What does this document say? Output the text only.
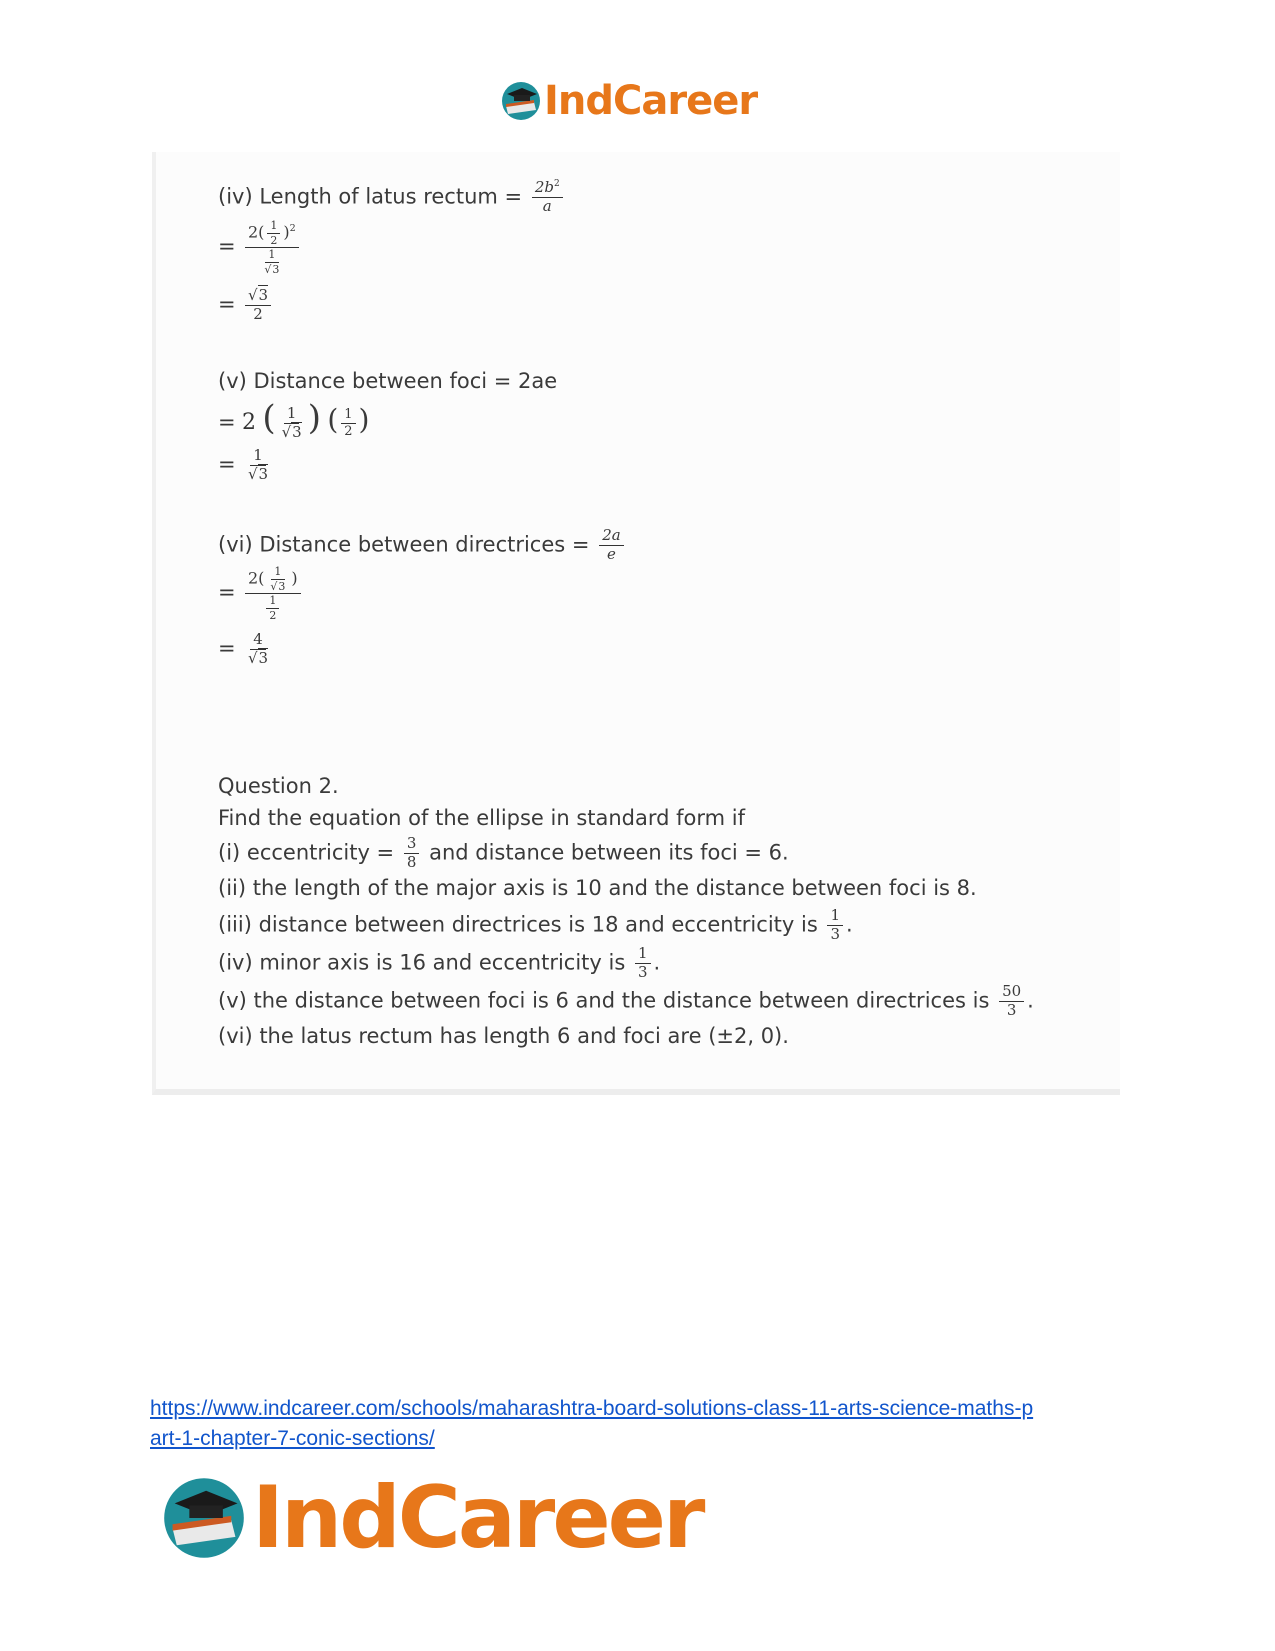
IndCareer
(iv) Length of latus rectum = $\frac{2b^2}{a}$
= $\frac{2( \frac{1}{2} )^2}{\frac{1}{√3}}$
= $\frac{√3}{2}$
(v) Distance between foci = 2ae
= 2 ( $\frac{1}{√3}$ ) ( $\frac{1}{2}$ )
= $\frac{1}{√3}$
(vi) Distance between directrices = $\frac{2a}{e}$
= $\frac{2( \frac{1}{√3} )}{\frac{1}{2}}$
= $\frac{4}{√3}$
Question 2.
Find the equation of the ellipse in standard form if
(i) eccentricity = $\frac{3}{8}$ and distance between its foci = 6.
(ii) the length of the major axis is 10 and the distance between foci is 8.
(iii) distance between directrices is 18 and eccentricity is $\frac{1}{3}$ .
(iv) minor axis is 16 and eccentricity is $\frac{1}{3}$ .
(v) the distance between foci is 6 and the distance between directrices is $\frac{50}{3}$ .
(vi) the latus rectum has length 6 and foci are (±2, 0).
https://www.indcareer.com/schools/maharashtra-board-solutions-class-11-arts-science-maths-p
art-1-chapter-7-conic-sections/
IndCareer
